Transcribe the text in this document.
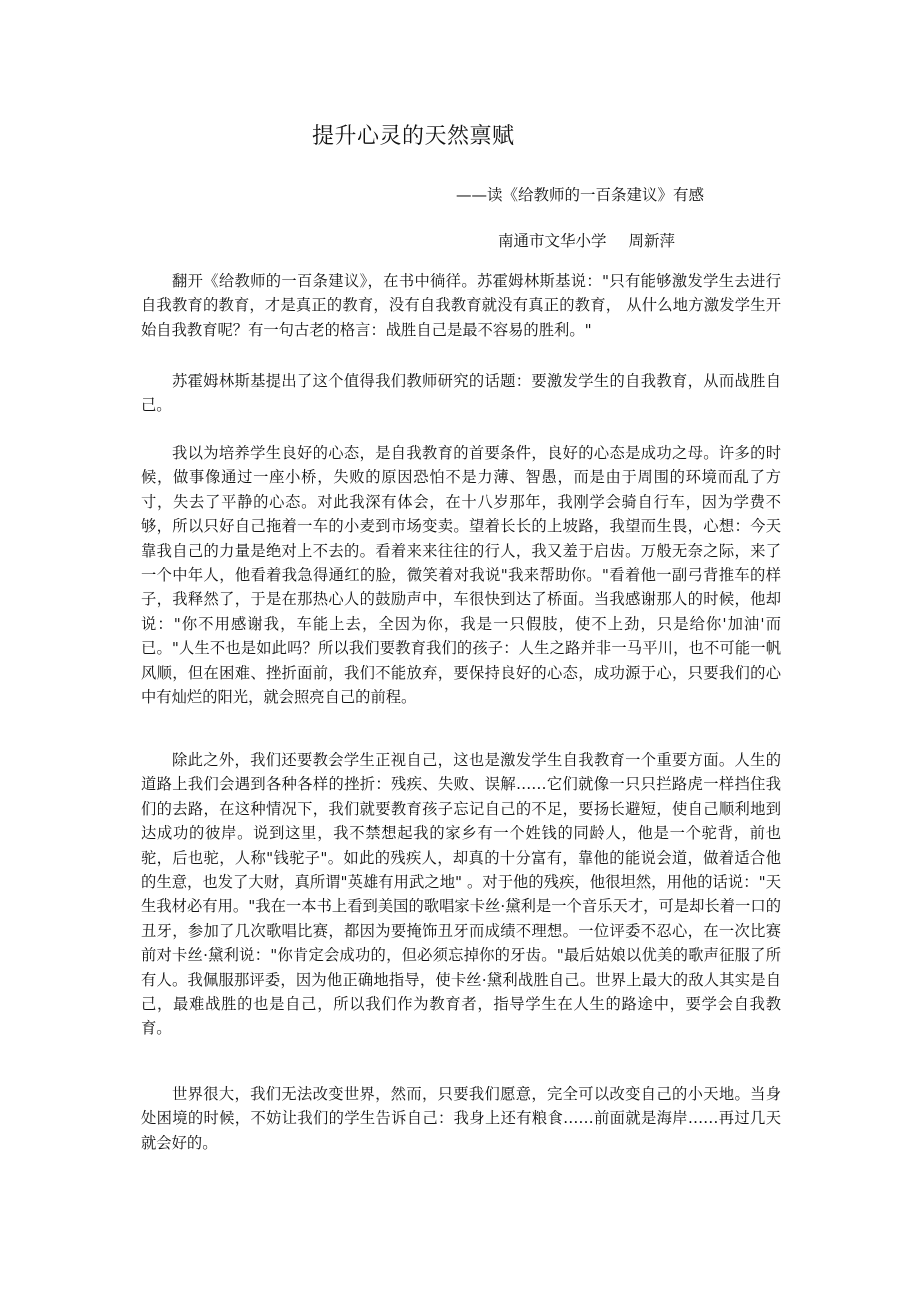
提升心灵的天然禀赋
——读《给教师的一百条建议》有感
南通市文华小学 周新萍

翻开《给教师的一百条建议》，在书中徜徉。苏霍姆林斯基说："只有能够激发学生去进行自我教育的教育，才是真正的教育，没有自我教育就没有真正的教育， 从什么地方激发学生开始自我教育呢？有一句古老的格言：战胜自己是最不容易的胜利。"

苏霍姆林斯基提出了这个值得我们教师研究的话题：要激发学生的自我教育，从而战胜自己。

我以为培养学生良好的心态，是自我教育的首要条件，良好的心态是成功之母。许多的时候，做事像通过一座小桥，失败的原因恐怕不是力薄、智愚，而是由于周围的环境而乱了方寸，失去了平静的心态。对此我深有体会，在十八岁那年，我刚学会骑自行车，因为学费不够，所以只好自己拖着一车的小麦到市场变卖。望着长长的上坡路，我望而生畏，心想：今天靠我自己的力量是绝对上不去的。看着来来往往的行人，我又羞于启齿。万般无奈之际，来了一个中年人，他看着我急得通红的脸，微笑着对我说"我来帮助你。"看着他一副弓背推车的样子，我释然了，于是在那热心人的鼓励声中，车很快到达了桥面。当我感谢那人的时候，他却说："你不用感谢我，车能上去，全因为你，我是一只假肢，使不上劲，只是给你'加油'而已。"人生不也是如此吗？所以我们要教育我们的孩子：人生之路并非一马平川，也不可能一帆风顺，但在困难、挫折面前，我们不能放弃，要保持良好的心态，成功源于心，只要我们的心中有灿烂的阳光，就会照亮自己的前程。

除此之外，我们还要教会学生正视自己，这也是激发学生自我教育一个重要方面。人生的道路上我们会遇到各种各样的挫折：残疾、失败、误解……它们就像一只只拦路虎一样挡住我们的去路，在这种情况下，我们就要教育孩子忘记自己的不足，要扬长避短，使自己顺利地到达成功的彼岸。说到这里，我不禁想起我的家乡有一个姓钱的同龄人，他是一个驼背，前也驼，后也驼，人称"钱驼子"。如此的残疾人，却真的十分富有，靠他的能说会道，做着适合他的生意，也发了大财，真所谓"英雄有用武之地" 。对于他的残疾，他很坦然，用他的话说："天生我材必有用。"我在一本书上看到美国的歌唱家卡丝·黛利是一个音乐天才，可是却长着一口的丑牙，参加了几次歌唱比赛，都因为要掩饰丑牙而成绩不理想。一位评委不忍心，在一次比赛前对卡丝·黛利说："你肯定会成功的，但必须忘掉你的牙齿。"最后姑娘以优美的歌声征服了所有人。我佩服那评委，因为他正确地指导，使卡丝·黛利战胜自己。世界上最大的敌人其实是自己，最难战胜的也是自己，所以我们作为教育者，指导学生在人生的路途中，要学会自我教育。

世界很大，我们无法改变世界，然而，只要我们愿意，完全可以改变自己的小天地。当身处困境的时候，不妨让我们的学生告诉自己：我身上还有粮食……前面就是海岸……再过几天就会好的。
